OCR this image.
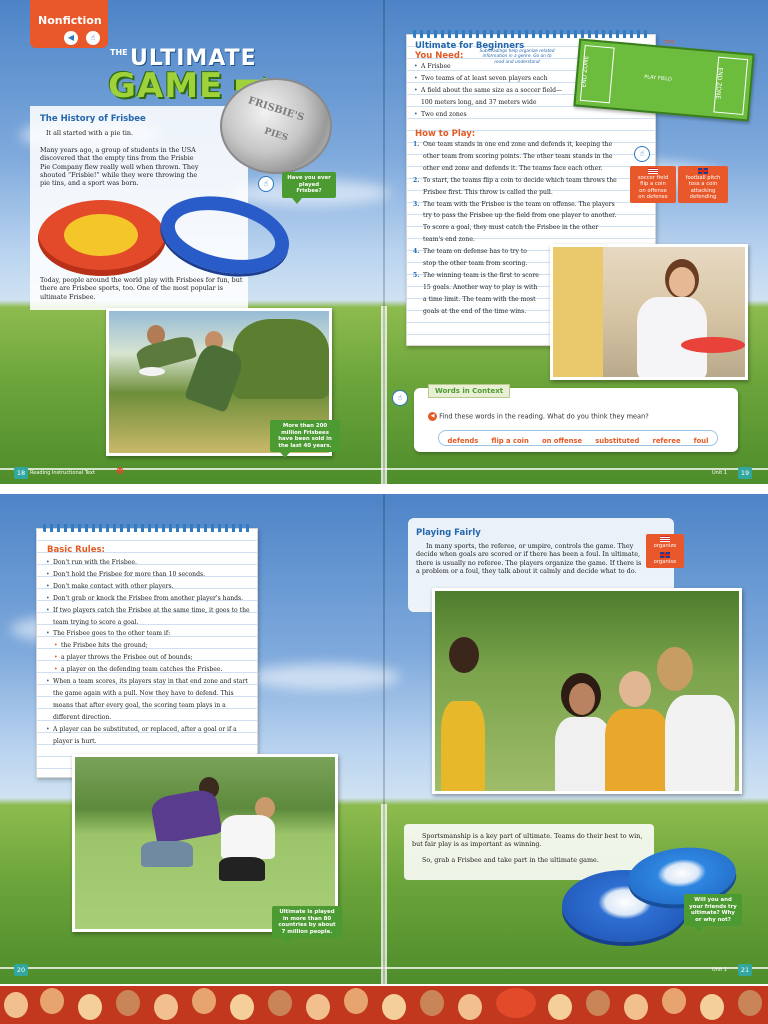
Nonfiction
◀	☝
THE ULTIMATE
GAME
The History of Frisbee

It all started with a pie tin.

Many years ago, a group of students in the USA discovered that the empty tins from the Frisbie Pie Company flew really well when thrown. They shouted “Frisbie!” while they were throwing the pie tins, and a sport was born.

Today, people around the world play with Frisbees for fun, but there are Frisbee sports, too. One of the most popular is ultimate Frisbee.

FRISBIE'S
PIES
☝
Have you ever played Frisbee?
More than 200 million Frisbees have been sold in the last 40 years.
Ultimate for Beginners
Subheadings help organize related information in a genre. Go on to read and understand
You Need:
• A Frisbee
• Two teams of at least seven players each
• A field about the same size as a soccer field—100 meters long, and 37 meters wide
• Two end zones
How to Play:
1. One team stands in one end zone and defends it, keeping the other team from scoring points. The other team stands in the other end zone and defends it. The teams face each other.
2. To start, the teams flip a coin to decide which team throws the Frisbee first. This throw is called the pull.
3. The team with the Frisbee is the team on offense. The players try to pass the Frisbee up the field from one player to another. To score a goal, they must catch the Frisbee in the other team's end zone.
4. The team on defense has to try to stop the other team from scoring.
5. The winning team is the first to score 15 goals. Another way to play is with a time limit. The team with the most goals at the end of the time wins.
END ZONE	PLAY FIELD	END ZONE
TIPS
☝
soccer field
flip a coin
on offense
on defense
football pitch
toss a coin
attacking
defending
☝
Words in Context
◀ Find these words in the reading. What do you think they mean?
defends flip a coin on offense substituted referee foul
18 Reading Instructional Text ☻	Unit 1	19
Basic Rules:
• Don't run with the Frisbee.
• Don't hold the Frisbee for more than 10 seconds.
• Don't make contact with other players.
• Don't grab or knock the Frisbee from another player's hands.
• If two players catch the Frisbee at the same time, it goes to the team trying to score a goal.
• The Frisbee goes to the other team if:
• the Frisbee hits the ground;
• a player throws the Frisbee out of bounds;
• a player on the defending team catches the Frisbee.
• When a team scores, its players stay in that end zone and start the game again with a pull. Now they have to defend. This means that after every goal, the scoring team plays in a different direction.
• A player can be substituted, or replaced, after a goal or if a player is hurt.
Ultimate is played in more than 80 countries by about 7 million people.
Playing Fairly

In many sports, the referee, or umpire, controls the game. They decide when goals are scored or if there has been a foul. In ultimate, there is usually no referee. The players organize the game. If there is a problem or a foul, they talk about it calmly and decide what to do.

organize
organise

Sportsmanship is a key part of ultimate. Teams do their best to win, but fair play is as important as winning.

So, grab a Frisbee and take part in the ultimate game.

Will you and your friends try ultimate? Why or why not?
20	Unit 1	21
